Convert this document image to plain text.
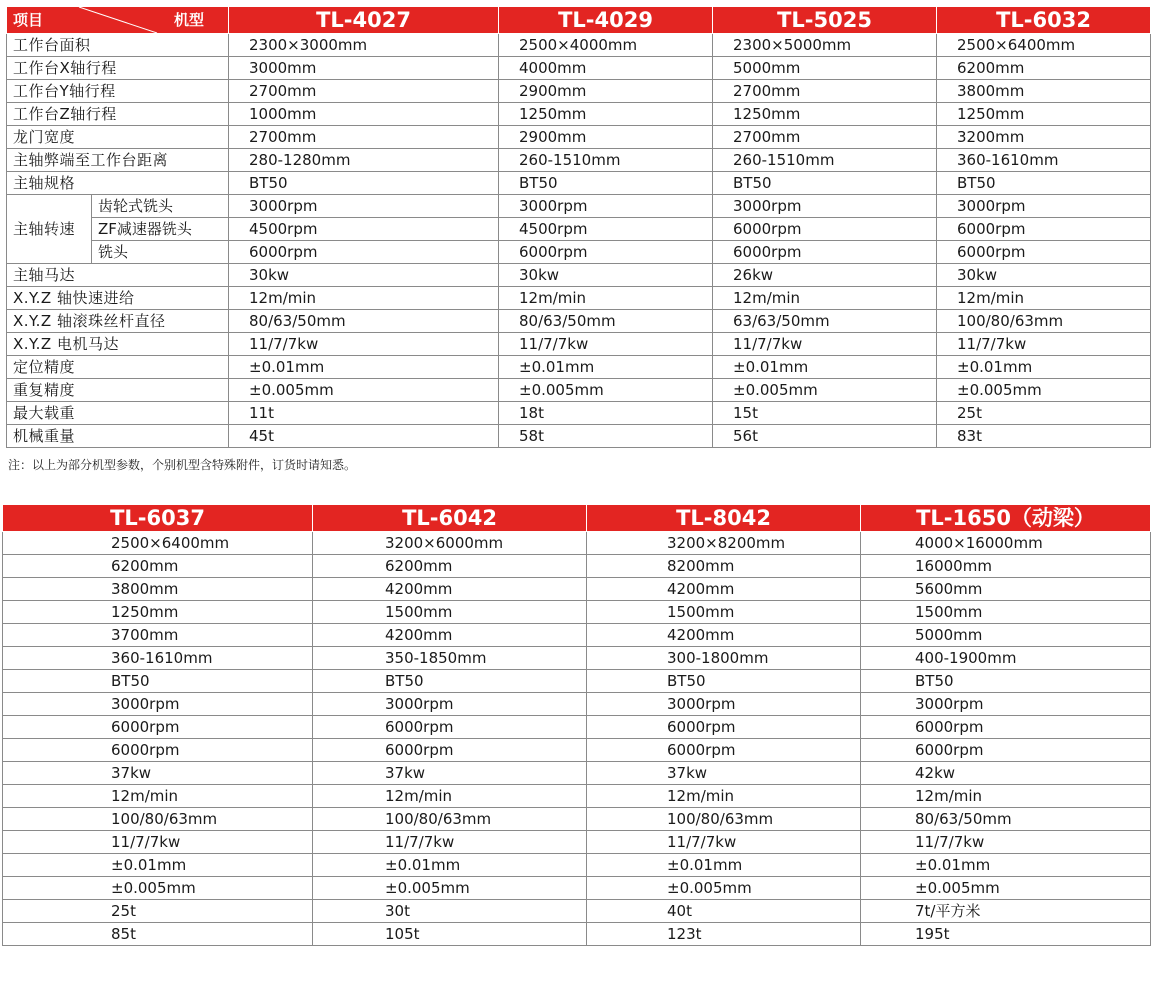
项目 机型		TL-4027	TL-4029	TL-5025	TL-6032
工作台面积		2300×3000mm	2500×4000mm	2300×5000mm	2500×6400mm
工作台X轴行程		3000mm	4000mm	5000mm	6200mm
工作台Y轴行程		2700mm	2900mm	2700mm	3800mm
工作台Z轴行程		1000mm	1250mm	1250mm	1250mm
龙门宽度		2700mm	2900mm	2700mm	3200mm
主轴弊端至工作台距离		280-1280mm	260-1510mm	260-1510mm	360-1610mm
主轴规格		BT50	BT50	BT50	BT50
主轴转速	齿轮式铣头	3000rpm	3000rpm	3000rpm	3000rpm
	ZF减速器铣头	4500rpm	4500rpm	6000rpm	6000rpm
	铣头	6000rpm	6000rpm	6000rpm	6000rpm
主轴马达		30kw	30kw	26kw	30kw
X.Y.Z 轴快速进给		12m/min	12m/min	12m/min	12m/min
X.Y.Z 轴滚珠丝杆直径		80/63/50mm	80/63/50mm	63/63/50mm	100/80/63mm
X.Y.Z 电机马达		11/7/7kw	11/7/7kw	11/7/7kw	11/7/7kw
定位精度		±0.01mm	±0.01mm	±0.01mm	±0.01mm
重复精度		±0.005mm	±0.005mm	±0.005mm	±0.005mm
最大载重		11t	18t	15t	25t
机械重量		45t	58t	56t	83t
注：以上为部分机型参数，个别机型含特殊附件，订货时请知悉。
TL-6037	TL-6042	TL-8042	TL-1650（动梁）
2500×6400mm	3200×6000mm	3200×8200mm	4000×16000mm
6200mm	6200mm	8200mm	16000mm
3800mm	4200mm	4200mm	5600mm
1250mm	1500mm	1500mm	1500mm
3700mm	4200mm	4200mm	5000mm
360-1610mm	350-1850mm	300-1800mm	400-1900mm
BT50	BT50	BT50	BT50
3000rpm	3000rpm	3000rpm	3000rpm
6000rpm	6000rpm	6000rpm	6000rpm
6000rpm	6000rpm	6000rpm	6000rpm
37kw	37kw	37kw	42kw
12m/min	12m/min	12m/min	12m/min
100/80/63mm	100/80/63mm	100/80/63mm	80/63/50mm
11/7/7kw	11/7/7kw	11/7/7kw	11/7/7kw
±0.01mm	±0.01mm	±0.01mm	±0.01mm
±0.005mm	±0.005mm	±0.005mm	±0.005mm
25t	30t	40t	7t/平方米
85t	105t	123t	195t
